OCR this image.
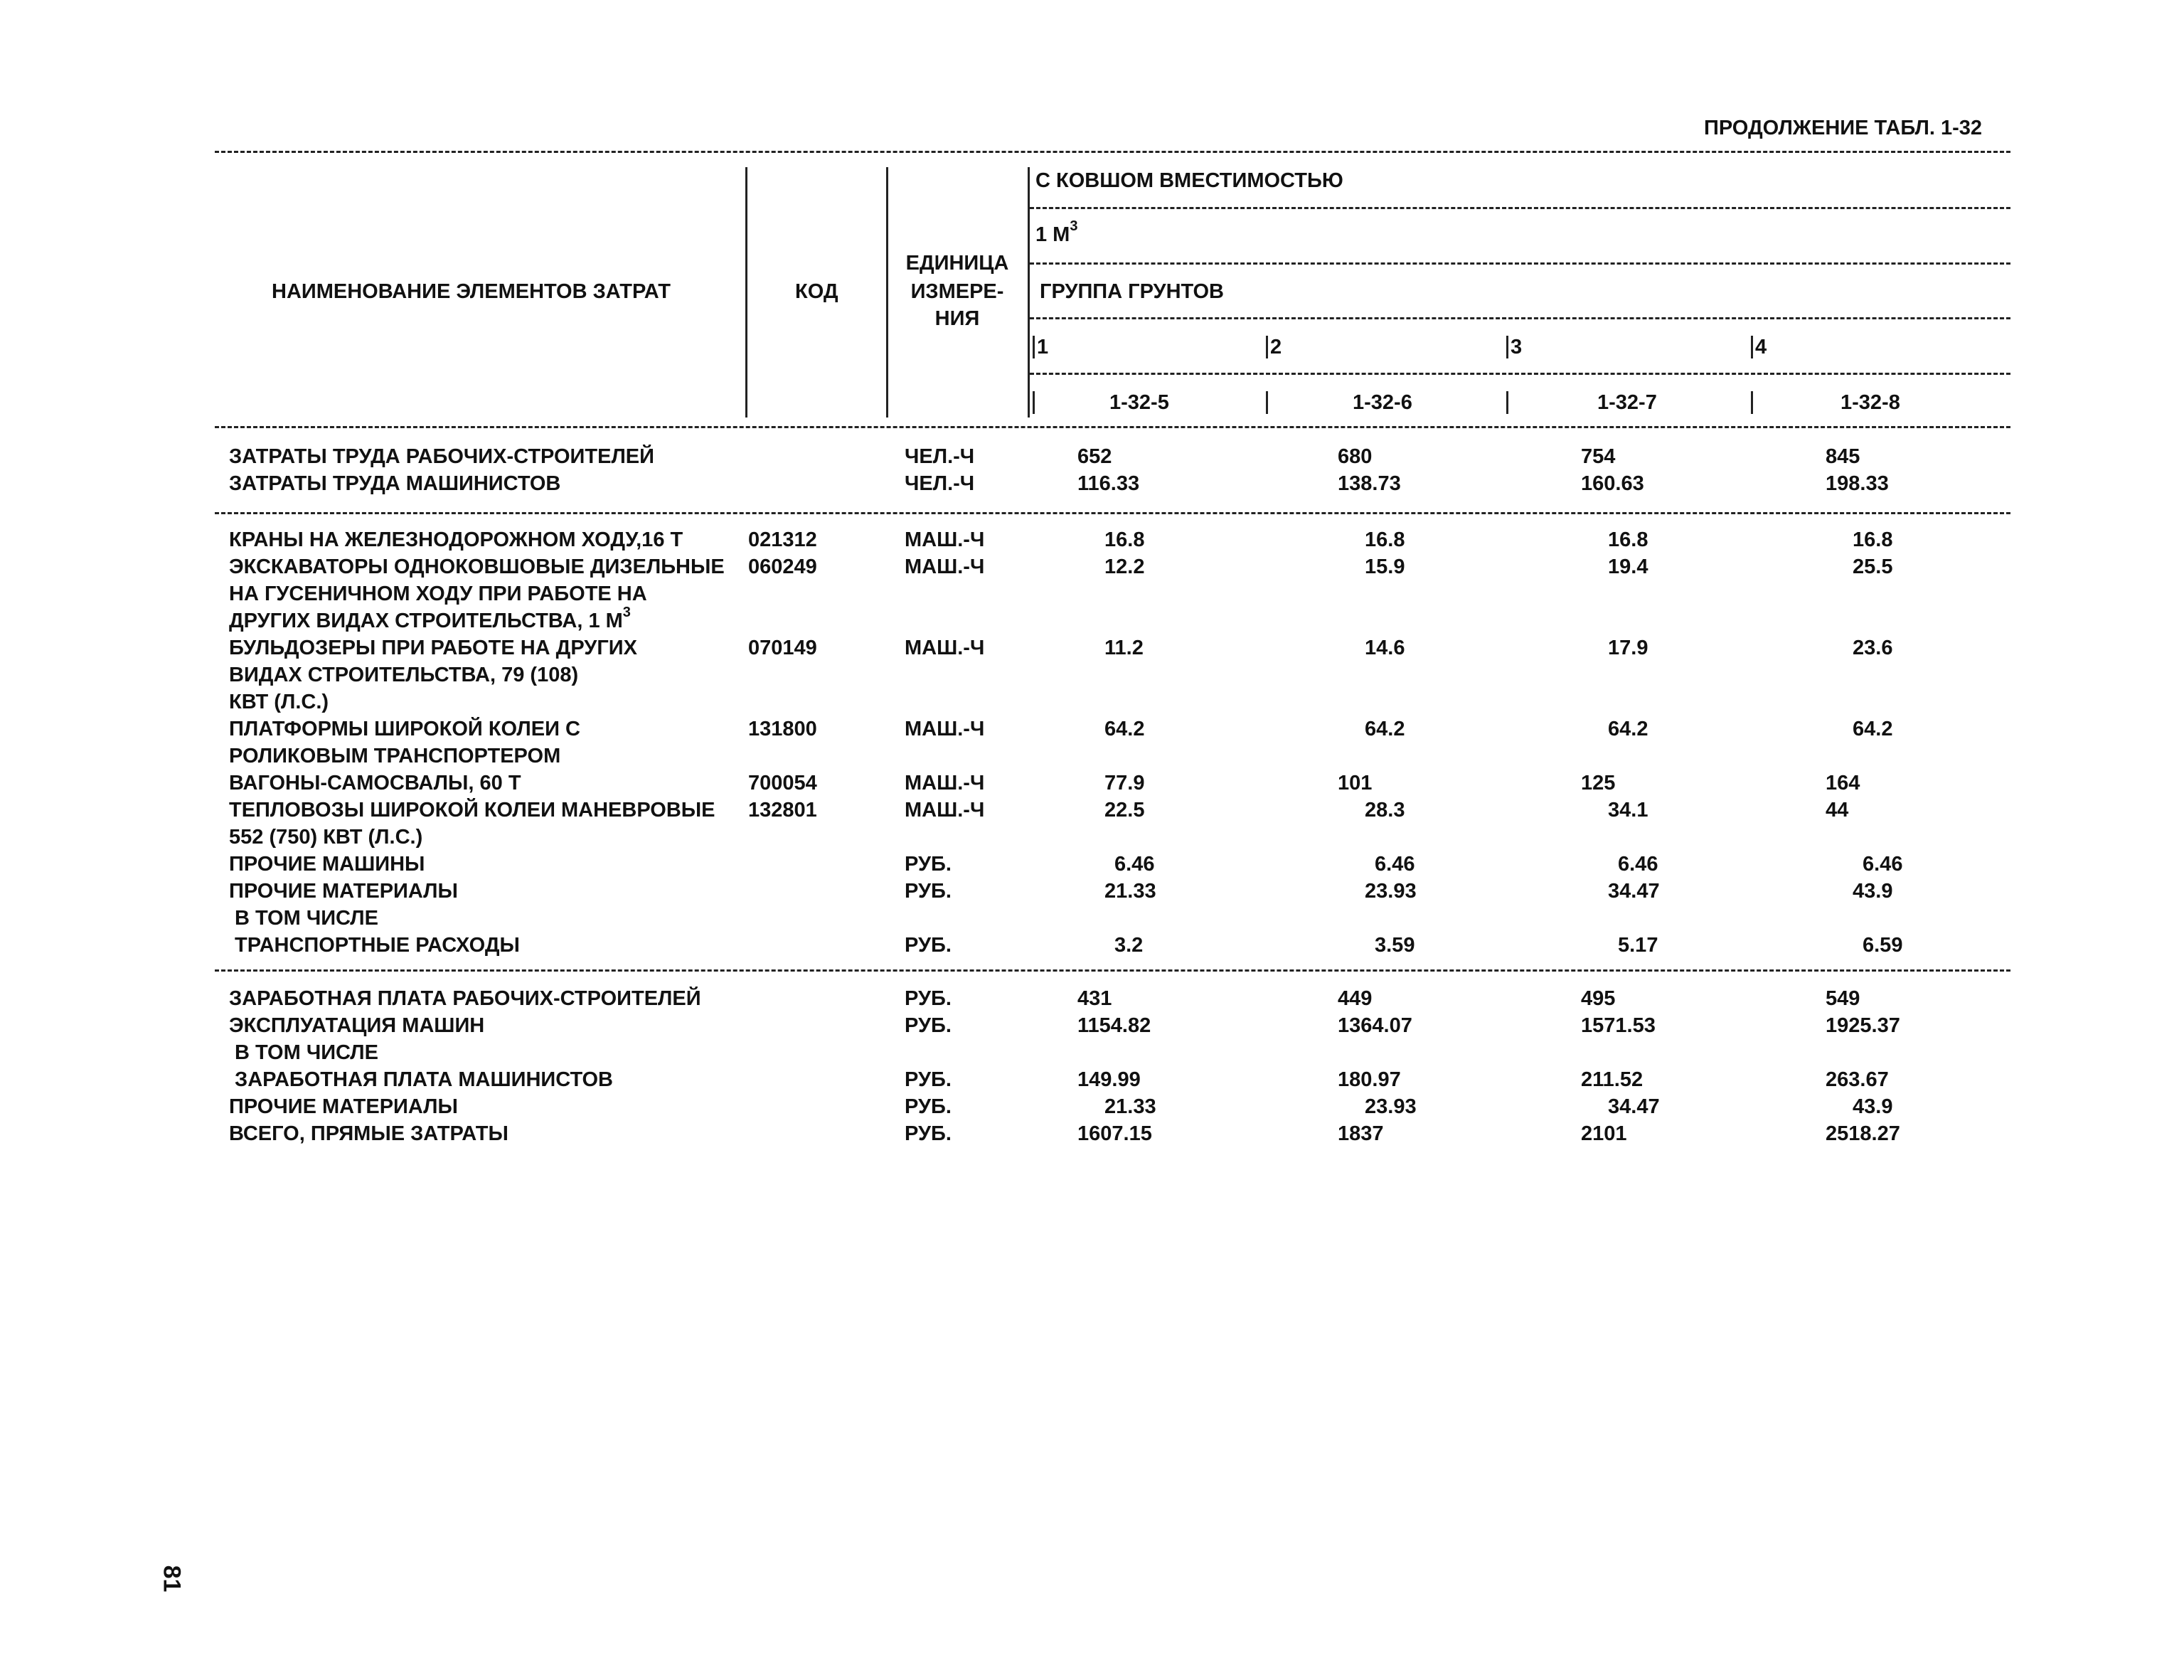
ПРОДОЛЖЕНИЕ ТАБЛ. 1-32
НАИМЕНОВАНИЕ ЭЛЕМЕНТОВ ЗАТРАТ	КОД
ЕДИНИЦА
ИЗМЕРЕ-
НИЯ
С КОВШОМ ВМЕСТИМОСТЬЮ
1 $М^3$
ГРУППА ГРУНТОВ
1
1-32-5
2
1-32-6
3
1-32-7
4
1-32-8
ЗАТРАТЫ ТРУДА РАБОЧИХ-СТРОИТЕЛЕЙ	ЧЕЛ.-Ч	652	680	754	845
ЗАТРАТЫ ТРУДА МАШИНИСТОВ	ЧЕЛ.-Ч	116.33	138.73	160.63	198.33
КРАНЫ НА ЖЕЛЕЗНОДОРОЖНОМ ХОДУ,16 Т	021312	МАШ.-Ч	16.8	16.8	16.8	16.8
ЭКСКАВАТОРЫ ОДНОКОВШОВЫЕ ДИЗЕЛЬНЫЕ 060249	МАШ.-Ч	12.2	15.9	19.4	25.5
НА ГУСЕНИЧНОМ ХОДУ ПРИ РАБОТЕ НА
ДРУГИХ ВИДАХ СТРОИТЕЛЬСТВА, 1 $М^3$
БУЛЬДОЗЕРЫ ПРИ РАБОТЕ НА ДРУГИХ	070149	МАШ.-Ч	11.2	14.6	17.9	23.6
ВИДАХ СТРОИТЕЛЬСТВА, 79 (108)
КВТ (Л.С.)
ПЛАТФОРМЫ ШИРОКОЙ КОЛЕИ С	131800	МАШ.-Ч	64.2	64.2	64.2	64.2
РОЛИКОВЫМ ТРАНСПОРТЕРОМ
ВАГОНЫ-САМОСВАЛЫ, 60 Т	700054	МАШ.-Ч	77.9	101	125	164
ТЕПЛОВОЗЫ ШИРОКОЙ КОЛЕИ МАНЕВРОВЫЕ 132801	МАШ.-Ч	22.5	28.3	34.1	44
552 (750) КВТ (Л.С.)
ПРОЧИЕ МАШИНЫ	РУБ.	6.46	6.46	6.46	6.46
ПРОЧИЕ МАТЕРИАЛЫ	РУБ.	21.33	23.93	34.47	43.9
В ТОМ ЧИСЛЕ
ТРАНСПОРТНЫЕ РАСХОДЫ	РУБ.	3.2	3.59	5.17	6.59
ЗАРАБОТНАЯ ПЛАТА РАБОЧИХ-СТРОИТЕЛЕЙ	РУБ.	431	449	495	549
ЭКСПЛУАТАЦИЯ МАШИН	РУБ.	1154.82	1364.07	1571.53	1925.37
В ТОМ ЧИСЛЕ
ЗАРАБОТНАЯ ПЛАТА МАШИНИСТОВ	РУБ.	149.99	180.97	211.52	263.67
ПРОЧИЕ МАТЕРИАЛЫ	РУБ.	21.33	23.93	34.47	43.9
ВСЕГО, ПРЯМЫЕ ЗАТРАТЫ	РУБ.	1607.15	1837	2101	2518.27
81
